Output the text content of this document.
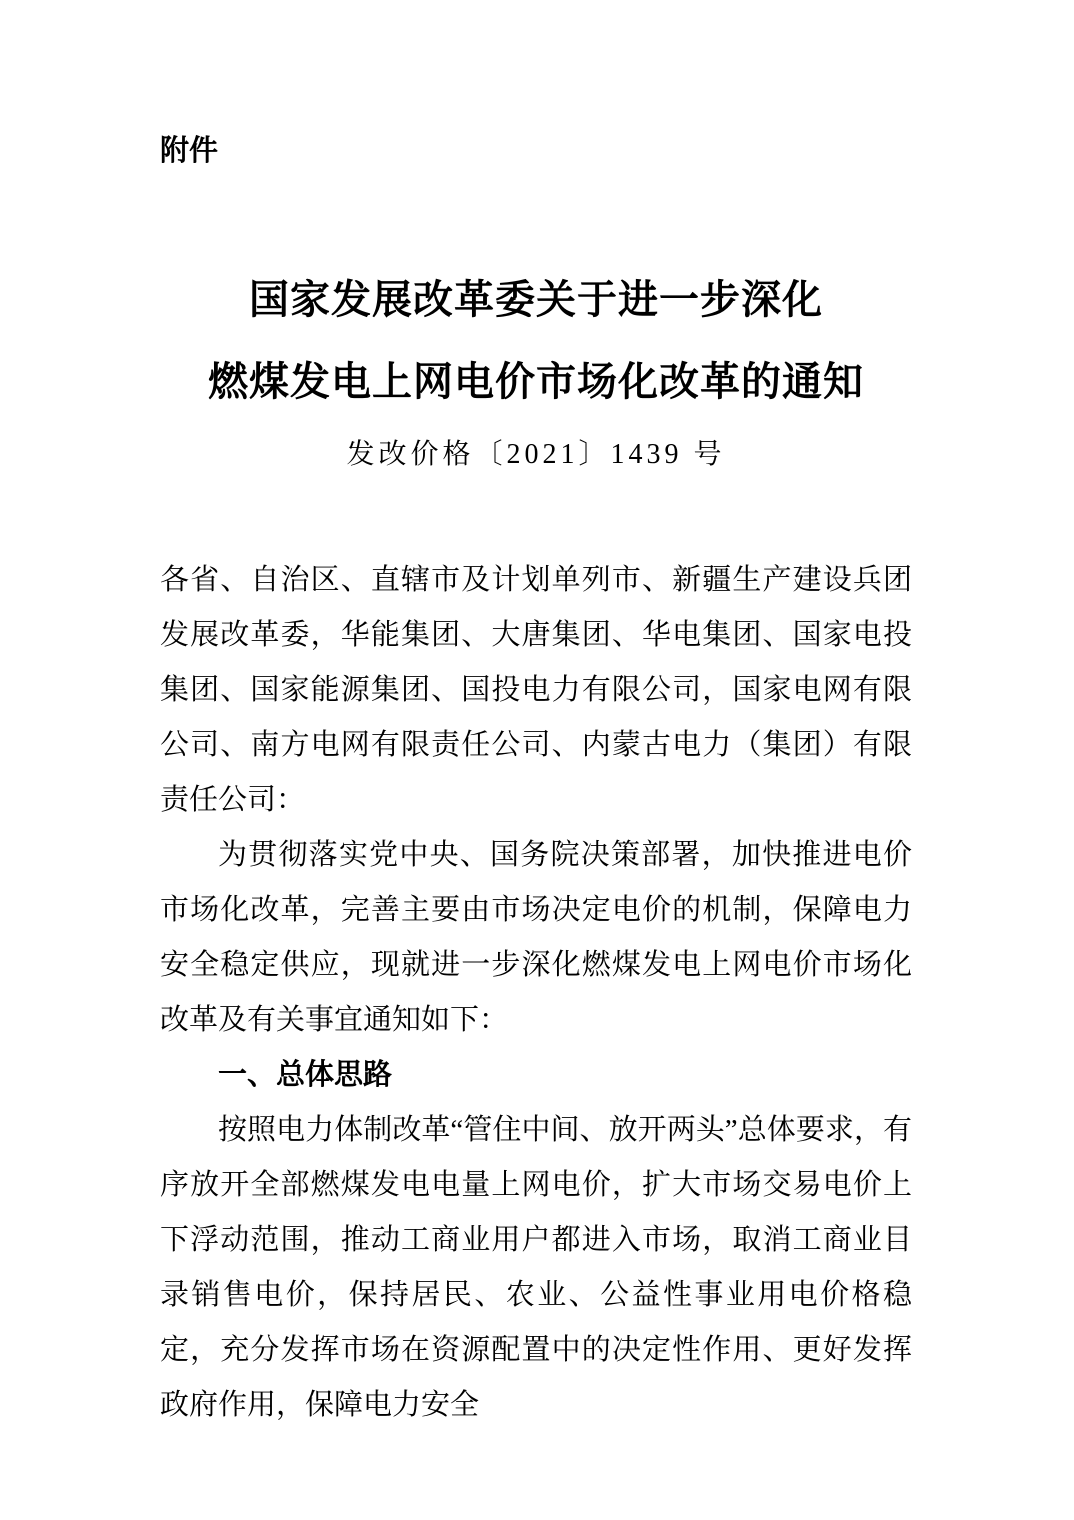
附件
国家发展改革委关于进一步深化
燃煤发电上网电价市场化改革的通知
发改价格〔2021〕1439 号

各省、自治区、直辖市及计划单列市、新疆生产建设兵团发展改革委，华能集团、大唐集团、华电集团、国家电投集团、国家能源集团、国投电力有限公司，国家电网有限公司、南方电网有限责任公司、内蒙古电力（集团）有限责任公司：

为贯彻落实党中央、国务院决策部署，加快推进电价市场化改革，完善主要由市场决定电价的机制，保障电力安全稳定供应，现就进一步深化燃煤发电上网电价市场化改革及有关事宜通知如下：

一、总体思路

按照电力体制改革“管住中间、放开两头”总体要求，有序放开全部燃煤发电电量上网电价，扩大市场交易电价上下浮动范围，推动工商业用户都进入市场，取消工商业目录销售电价，保持居民、农业、公益性事业用电价格稳定，充分发挥市场在资源配置中的决定性作用、更好发挥政府作用，保障电力安全
